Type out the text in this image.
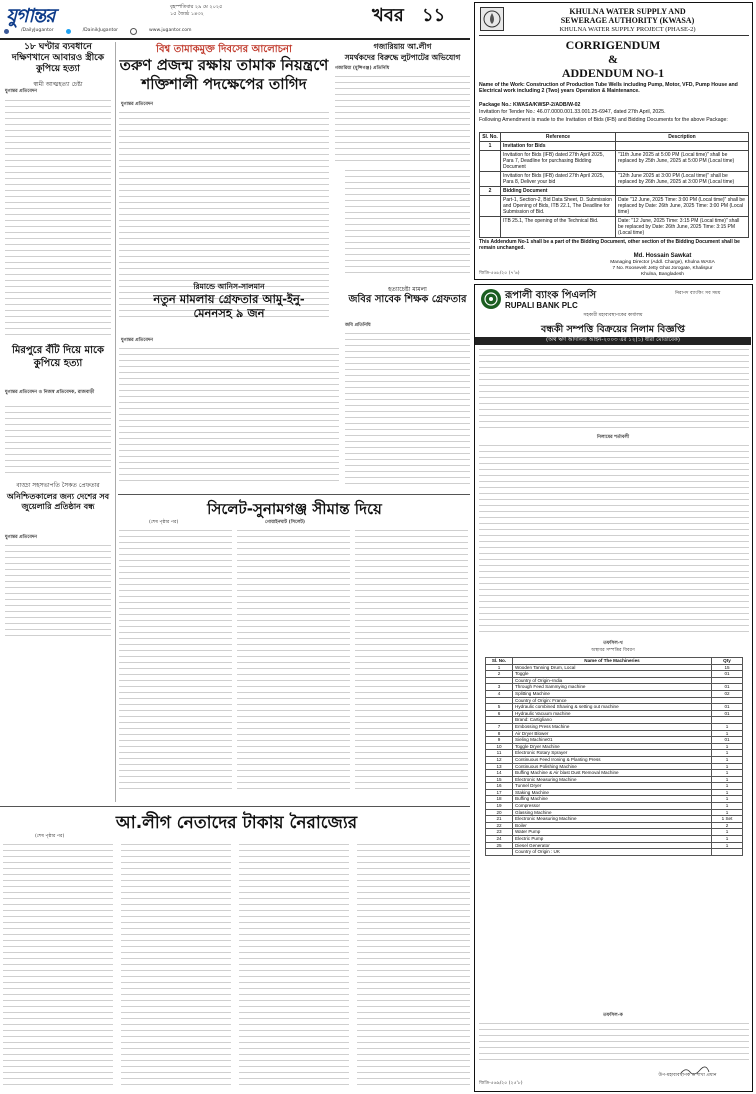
যুগান্তর	বৃহস্পতিবার ২৯ মে ২০২৫
১৫ জ্যৈষ্ঠ ১৪৩২	খবর ১১
/DailyJugantor	/DainikJugantor	www.jugantor.com
১৮ ঘণ্টার ব্যবধানে দক্ষিণখানে আবারও স্ত্রীকে কুপিয়ে হত্যা
স্বামী আত্মহত্যা চেষ্টা
যুগান্তর প্রতিবেদন
মিরপুরে বঁটি দিয়ে মাকে কুপিয়ে হত্যা
যুগান্তর প্রতিবেদন ও নিজস্ব প্রতিবেদক, রাজবাড়ী
বাড্ডা সহসভাপতি সৈকত প্রেফতার
অনিশ্চিতকালের জন্য দেশের সব জুয়েলারি প্রতিষ্ঠান বন্ধ
যুগান্তর প্রতিবেদন
বিশ্ব তামাকমুক্ত দিবসের আলোচনা
তরুণ প্রজন্ম রক্ষায় তামাক নিয়ন্ত্রণে শক্তিশালী পদক্ষেপের তাগিদ
যুগান্তর প্রতিবেদন
গজারিয়ায় আ.লীগ
সমর্থকদের বিরুদ্ধে লুটপাটের অভিযোগ
গজারিয়া (মুন্সিগঞ্জ) প্রতিনিধি
রিমান্ডে আনিস-সালমান
নতুন মামলায় গ্রেফতার আমু-ইনু-মেননসহ ৯ জন
যুগান্তর প্রতিবেদন
হত্যাচেষ্টা মামলা
জবির সাবেক শিক্ষক গ্রেফতার
জবি প্রতিনিধি
সিলেট-সুনামগঞ্জ সীমান্ত দিয়ে
(শেষ পৃষ্ঠার পর)	গোয়াইনঘাট (সিলেট)
আ.লীগ নেতাদের টাকায় নৈরাজ্যের
(শেষ পৃষ্ঠার পর)
KHULNA WATER SUPPLY AND
SEWERAGE AUTHORITY (KWASA)
KHULNA WATER SUPPLY PROJECT (PHASE-2)
CORRIGENDUM
&
ADDENDUM NO-1
Name of the Work: Construction of Production Tube Wells including Pump, Motor, VFD, Pump House and Electrical work including 2 (Two) years Operation & Maintenance.
Package No.: KWASA/KWSP-2/ADB/W-02
Invitation for Tender No.: 46.07.0000.001.33.001.25-6947, dated 27th April, 2025.
Following Amendment is made to the Invitation of Bids (IFB) and Bidding Documents for the above Package:
Sl. No.	Reference	Description
1	Invitation for Bids	
	Invitation for Bids (IFB) dated 27th April 2025, Para 7, Deadline for purchasing Bidding Document	"11th June 2025 at 5:00 PM (Local time)" shall be replaced by 25th June, 2025 at 5:00 PM (Local time)
	Invitation for Bids (IFB) dated 27th April 2025, Para 8, Deliver your bid	"12th June 2025 at 3:00 PM (Local time)" shall be replaced by 26th June, 2025 at 3:00 PM (Local time)
2	Bidding Document	
	Part-1, Section-2, Bid Data Sheet, D. Submission and Opening of Bids, ITB 22.1, The Deadline for Submission of Bid.	Date "12 June, 2025 Time: 3:00 PM (Local time)" shall be replaced by Date: 26th June, 2025 Time: 3:00 PM (Local time)
	ITB 25.1, The opening of the Technical Bid.	Date: "12 June, 2025 Time: 3:15 PM (Local time)" shall be replaced by Date: 26th June, 2025 Time: 3:15 PM (Local time)
This Addendum No-1 shall be a part of the Bidding Document, other section of the Bidding Document shall be remain unchanged.
Md. Hossain Sawkat
Managing Director (Addl. Charge), Khulna WASA
7 No. Roosevelt Jetty Ghat Jorogate, Khalispur
Khulna, Bangladesh
জিডি-৫৬৮/২৫ (৭'৬)
রূপালী ব্যাংক পিএলসি
RUPALI BANK PLC
নিরাপদ ব্যাংকিং সব সময়
সহকারী মহাব্যবস্থাপকের কার্যালয়
বন্ধকী সম্পত্তি বিক্রয়ের নিলাম বিজ্ঞপ্তি
(অর্থ ঋণ আদালত আইন-২০০৩ এর ১২(১) ধারা মোতাবেক)
নিলামের শর্তাবলী
তফসিল-খ
অস্থাবর সম্পত্তির বিবরণ
Sl. No.	Name of The Machineries	Qty
1	Wooden Tanning Drum, Local	15
2	Toggle	01
	Country of Origin–India	
3	Through Feed Sammying machine	01
4	Splitting Machine	02
	Country of Origin: France	
5	Hydraulic combined Shaving & setting out machine	01
6	Hydraulic Vacuum machine	01
	Brand: Cartigliano	
7	Embossing Press Machine	1
8	Air Dryer Blower	1
9	Sieling Machine01	01
10	Toggle Dryer Machine	1
11	Electronic Rotary Sprayer	1
12	Continuous Feed Ironing & Planting Press	1
13	Continuous Polishing Machine	1
14	Buffing Machine & Air blast Dust Removal Machine	1
15	Electronic Measuring Machine	1
16	Tunnel Dryer	1
17	Staking Machine	1
18	Buffing Machine	1
19	Compressor	1
20	Glassing Machine	1
21	Electronic Measuring Machine	1 Set
22	Boiler	2
23	Water Pump	1
24	Electric Pump	1
25	Diesel Generator	1
	Country of Origin : UK	
তফসিল-ক
উপ-মহাব্যবস্থাপক ও শাখা প্রধান
জিডি-৫৬৯/২৫ (২৫'৮)
